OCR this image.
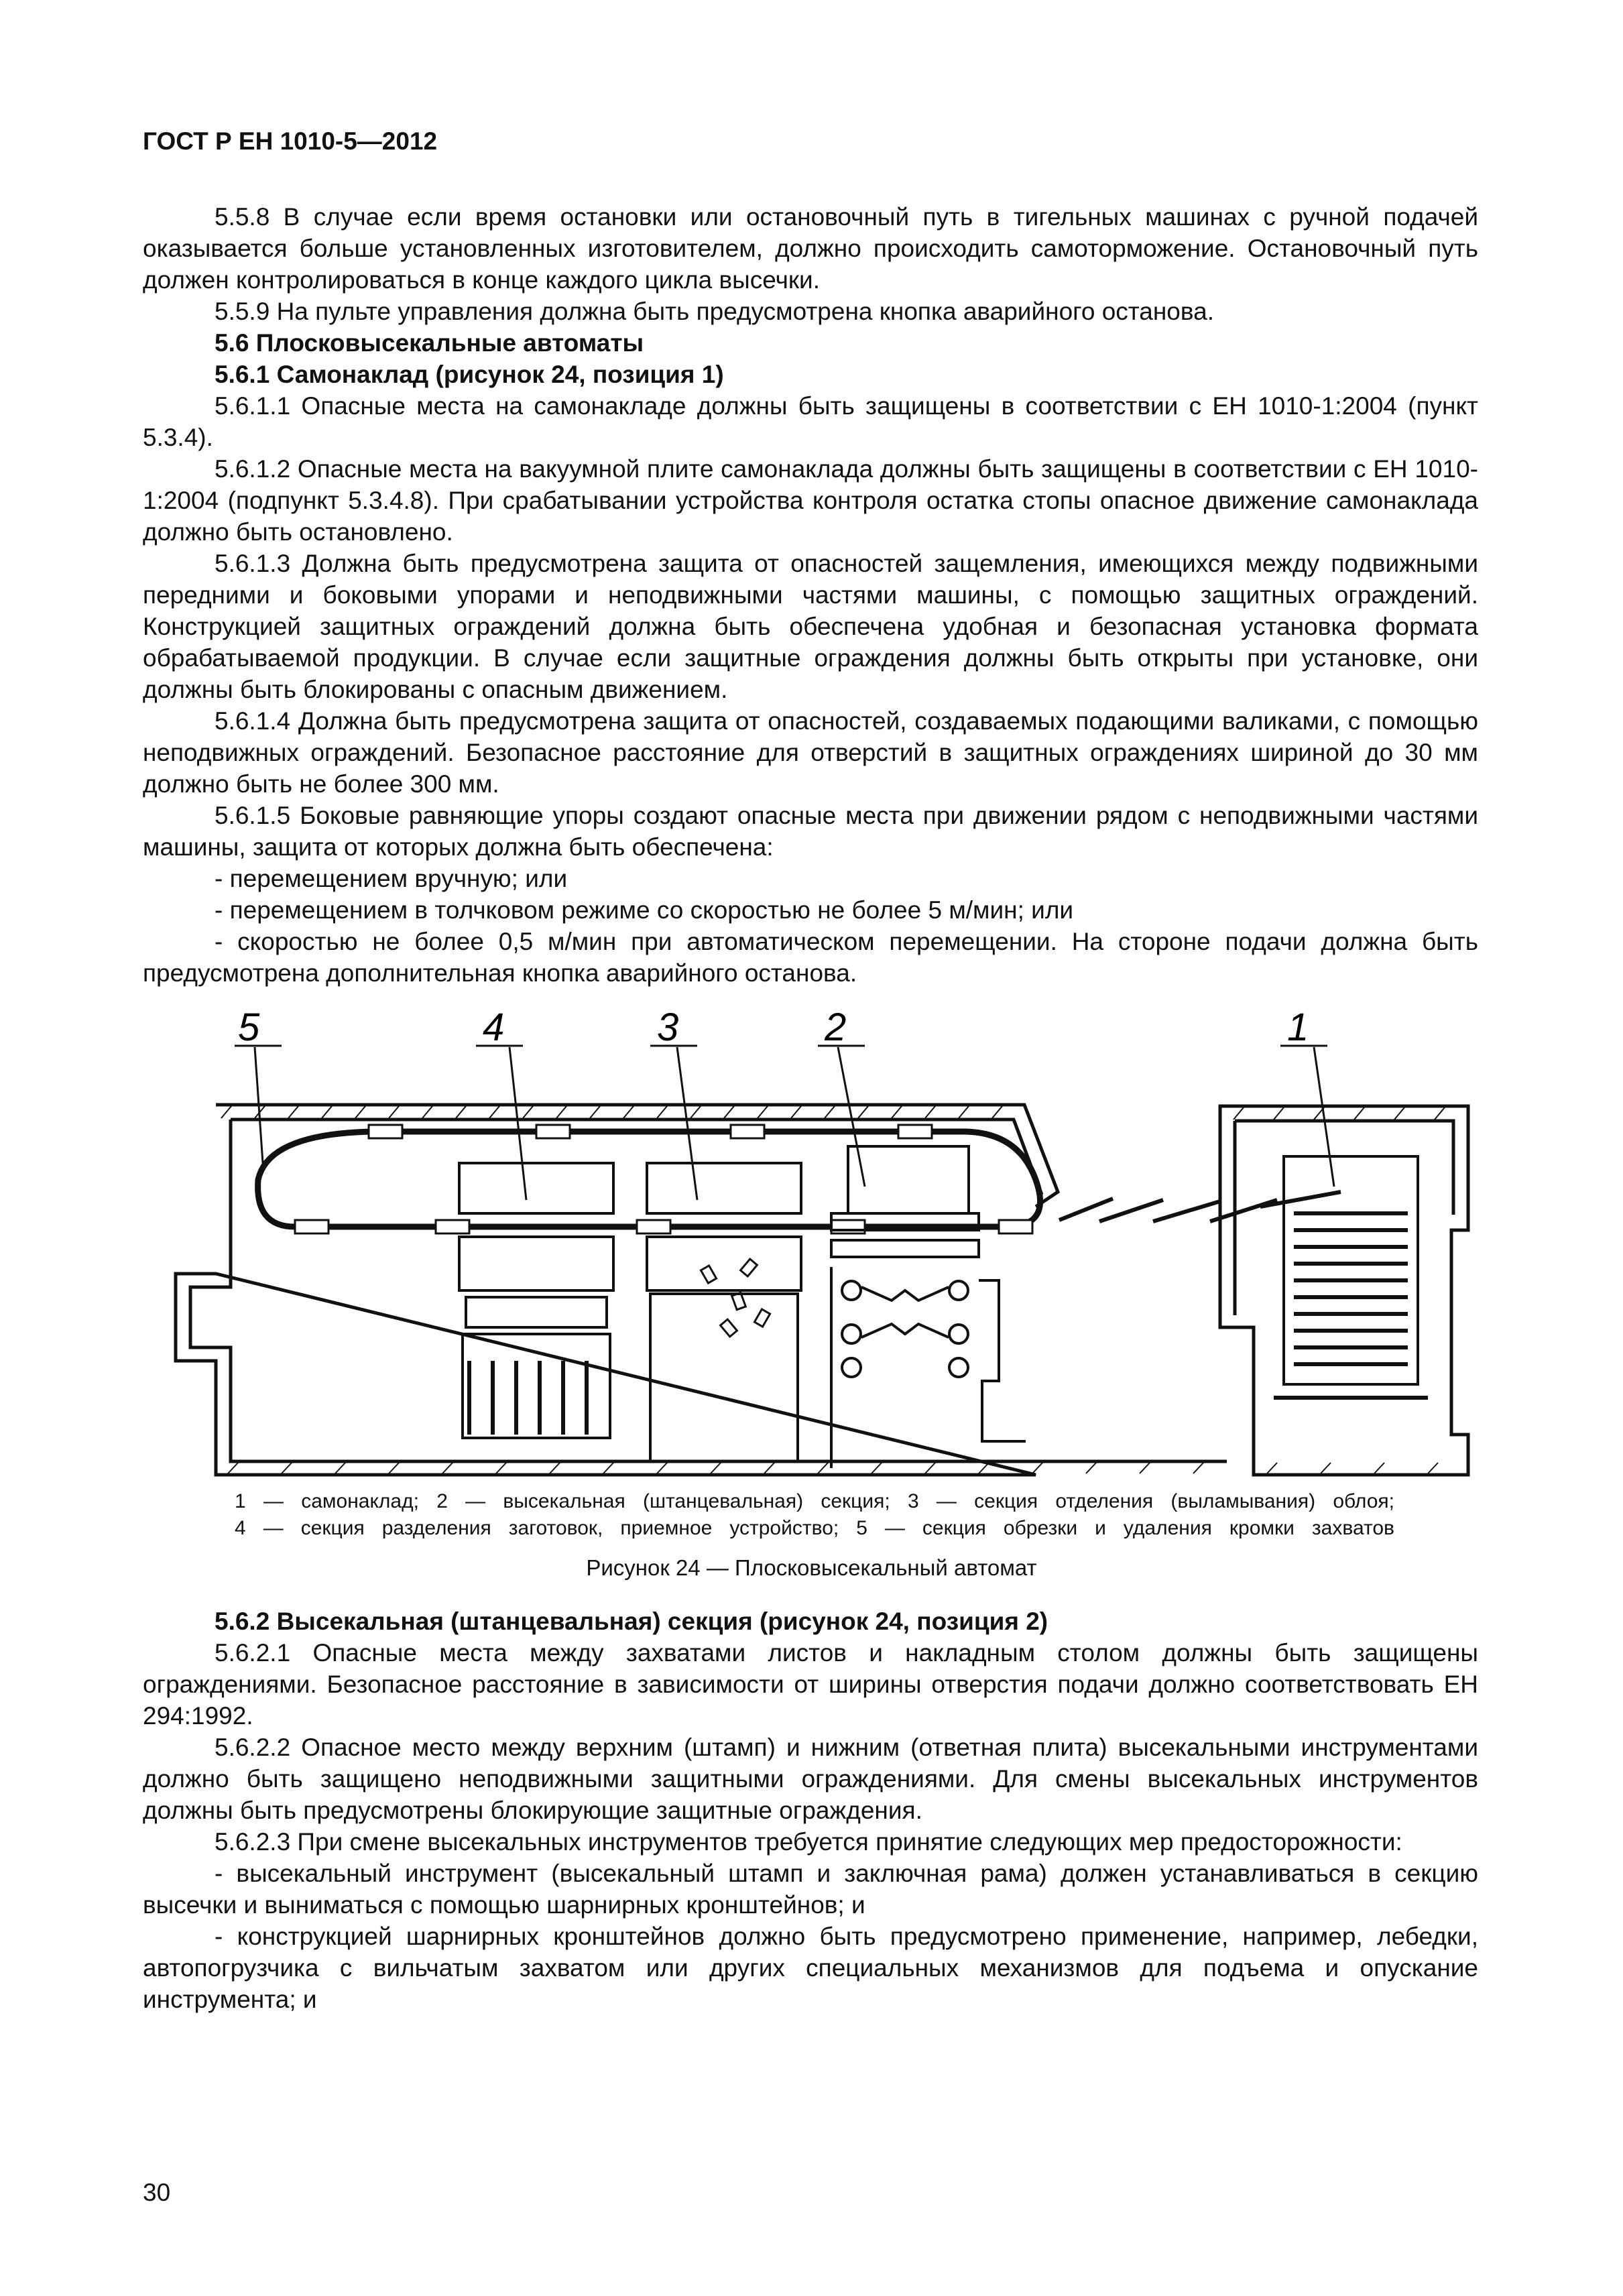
ГОСТ Р ЕН 1010-5—2012

5.5.8 В случае если время остановки или остановочный путь в тигельных машинах с ручной подачей оказывается больше установленных изготовителем, должно происходить самоторможение. Остановочный путь должен контролироваться в конце каждого цикла высечки.

5.5.9 На пульте управления должна быть предусмотрена кнопка аварийного останова.

5.6 Плосковысекальные автоматы

5.6.1 Самонаклад (рисунок 24, позиция 1)

5.6.1.1 Опасные места на самонакладе должны быть защищены в соответствии с ЕН 1010-1:2004 (пункт 5.3.4).

5.6.1.2 Опасные места на вакуумной плите самонаклада должны быть защищены в соответствии с ЕН 1010-1:2004 (подпункт 5.3.4.8). При срабатывании устройства контроля остатка стопы опасное движение самонаклада должно быть остановлено.

5.6.1.3 Должна быть предусмотрена защита от опасностей защемления, имеющихся между подвижными передними и боковыми упорами и неподвижными частями машины, с помощью защитных ограждений. Конструкцией защитных ограждений должна быть обеспечена удобная и безопасная установка формата обрабатываемой продукции. В случае если защитные ограждения должны быть открыты при установке, они должны быть блокированы с опасным движением.

5.6.1.4 Должна быть предусмотрена защита от опасностей, создаваемых подающими валиками, с помощью неподвижных ограждений. Безопасное расстояние для отверстий в защитных ограждениях шириной до 30 мм должно быть не более 300 мм.

5.6.1.5 Боковые равняющие упоры создают опасные места при движении рядом с неподвижными частями машины, защита от которых должна быть обеспечена:

- перемещением вручную; или

- перемещением в толчковом режиме со скоростью не более 5 м/мин; или

- скоростью не более 0,5 м/мин при автоматическом перемещении. На стороне подачи должна быть предусмотрена дополнительная кнопка аварийного останова.

5	4	3	2	1

1 — самонаклад; 2 — высекальная (штанцевальная) секция; 3 — секция отделения (выламывания) облоя;

4 — секция разделения заготовок, приемное устройство; 5 — секция обрезки и удаления кромки захватов

Рисунок 24 — Плосковысекальный автомат

5.6.2 Высекальная (штанцевальная) секция (рисунок 24, позиция 2)

5.6.2.1 Опасные места между захватами листов и накладным столом должны быть защищены ограждениями. Безопасное расстояние в зависимости от ширины отверстия подачи должно соответствовать ЕН 294:1992.

5.6.2.2 Опасное место между верхним (штамп) и нижним (ответная плита) высекальными инструментами должно быть защищено неподвижными защитными ограждениями. Для смены высекальных инструментов должны быть предусмотрены блокирующие защитные ограждения.

5.6.2.3 При смене высекальных инструментов требуется принятие следующих мер предосторожности:

- высекальный инструмент (высекальный штамп и заключная рама) должен устанавливаться в секцию высечки и выниматься с помощью шарнирных кронштейнов; и

- конструкцией шарнирных кронштейнов должно быть предусмотрено применение, например, лебедки, автопогрузчика с вильчатым захватом или других специальных механизмов для подъема и опускание инструмента; и

30
